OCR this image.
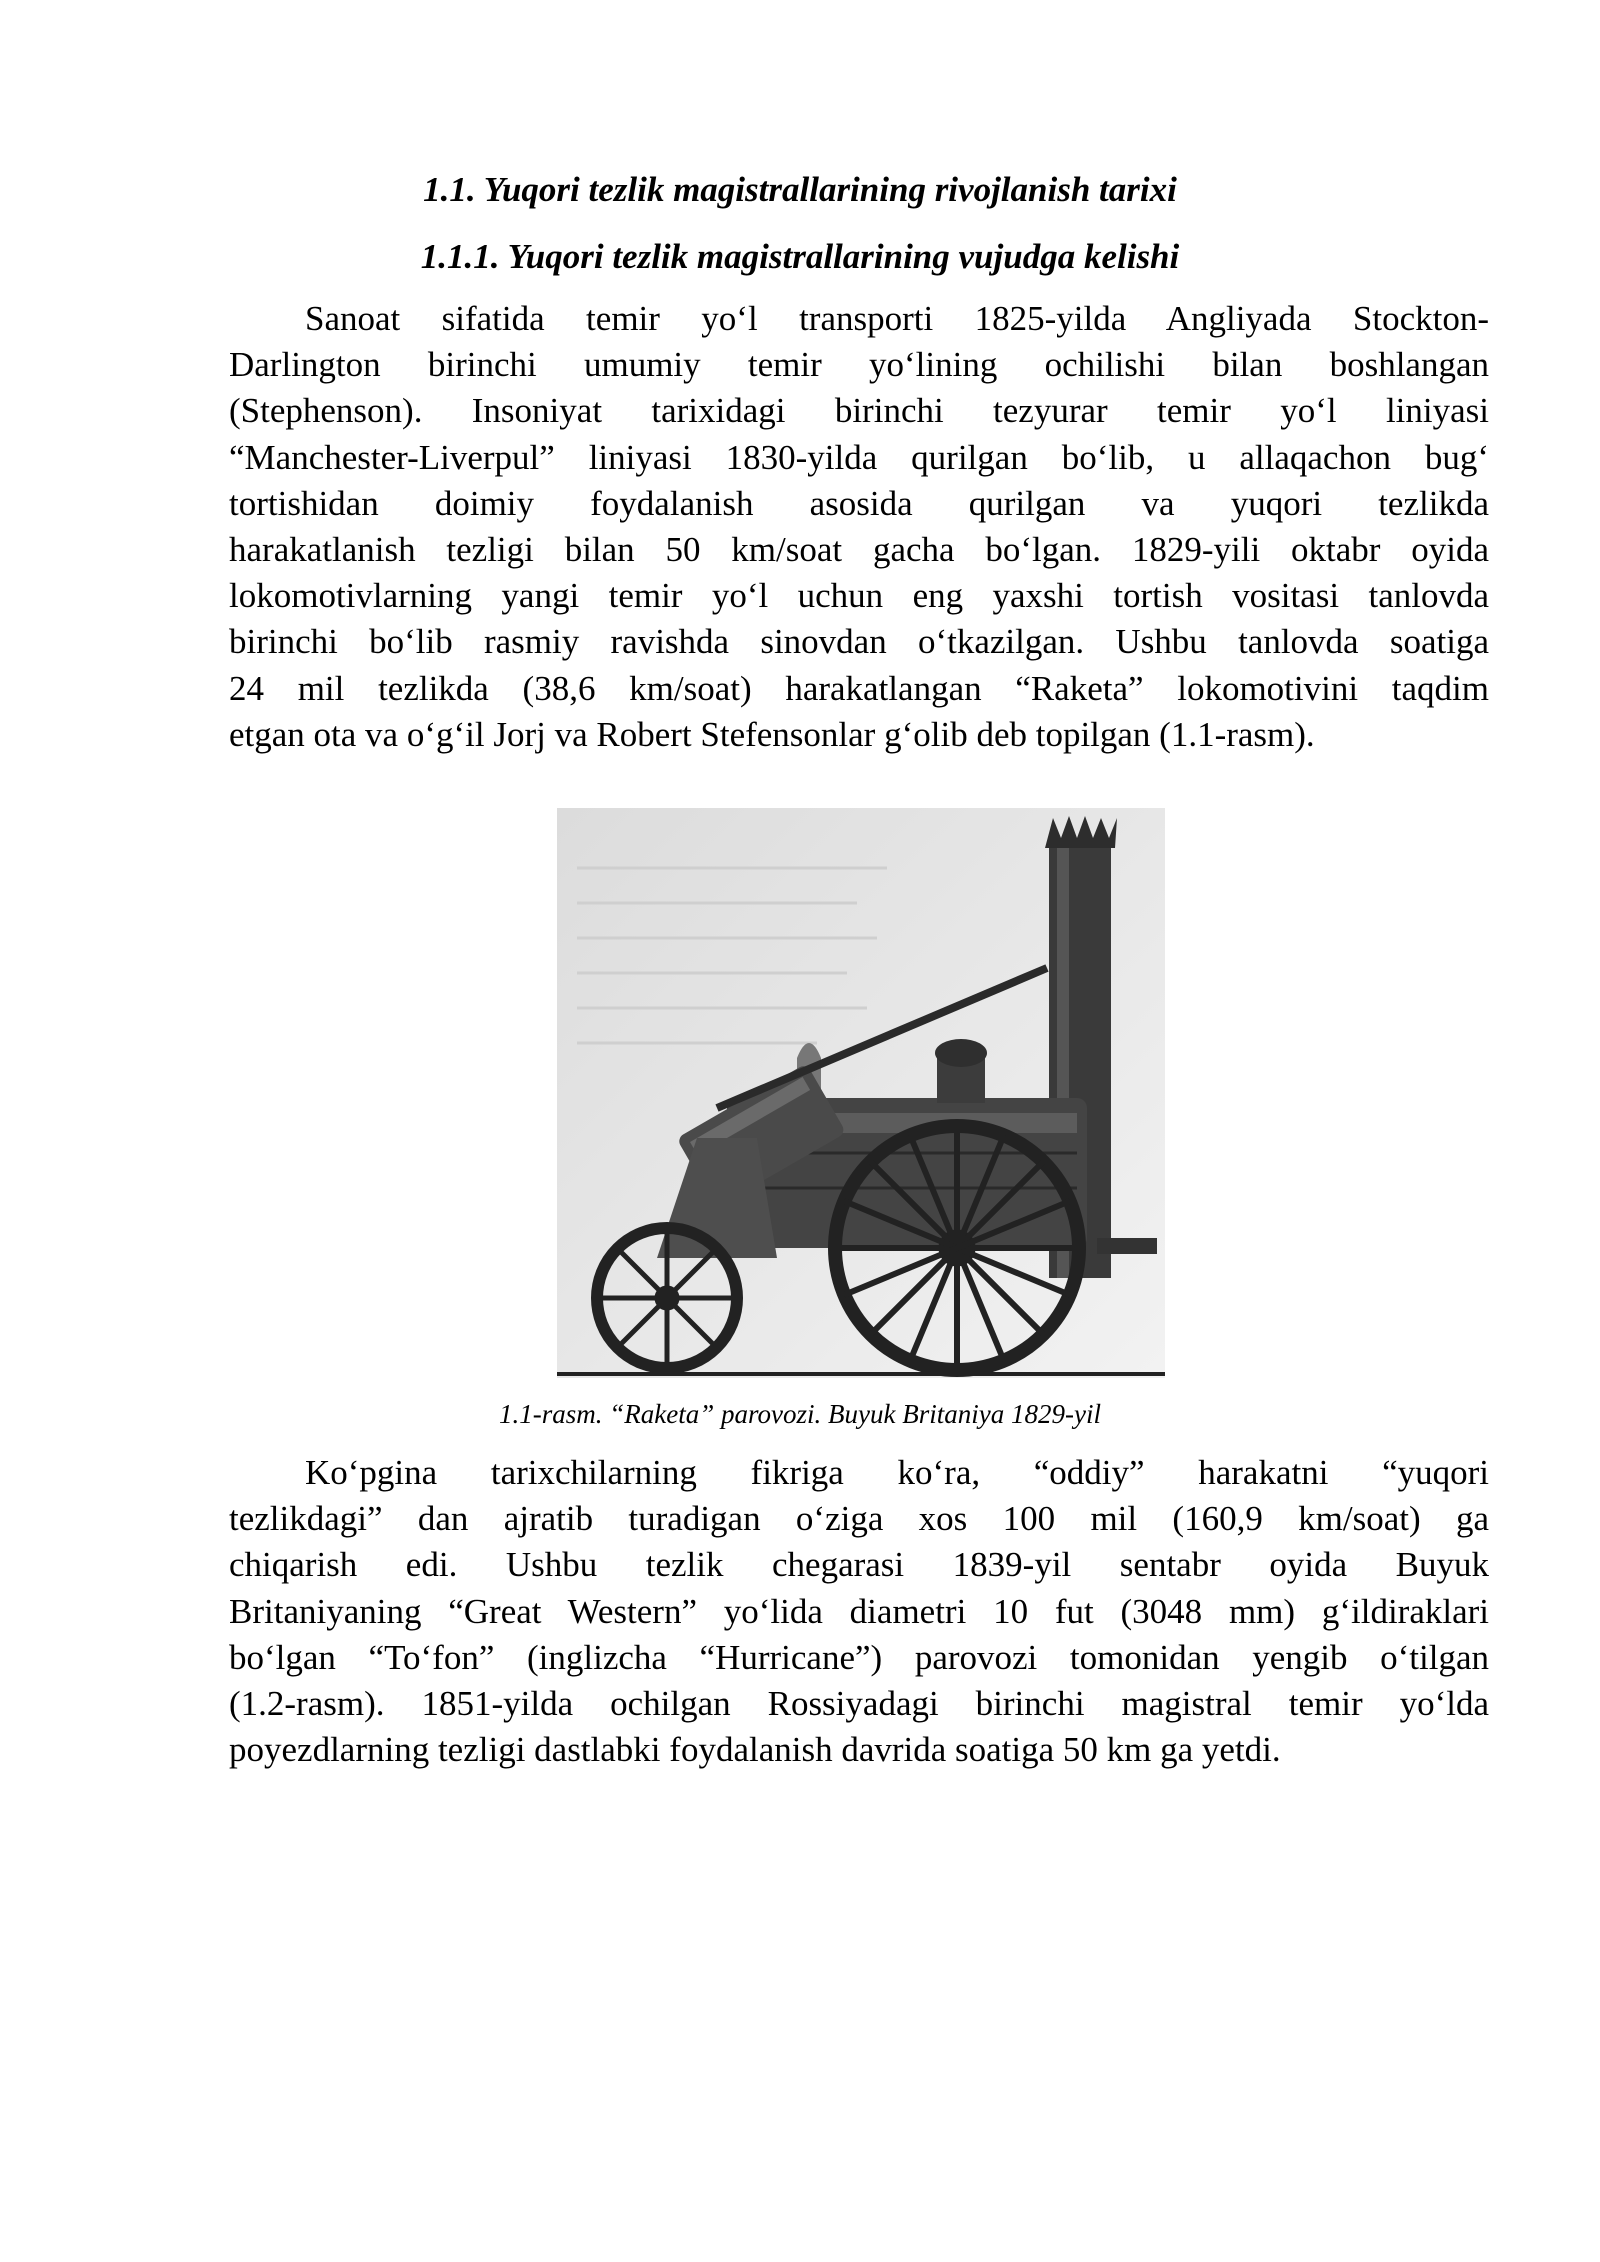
1.1. Yuqori tezlik magistrallarining rivojlanish tarixi
1.1.1. Yuqori tezlik magistrallarining vujudga kelishi

Sanoat sifatida temir yo‘l transporti 1825-yilda Angliyada Stockton-
Darlington birinchi umumiy temir yo‘lining ochilishi bilan boshlangan
(Stephenson). Insoniyat tarixidagi birinchi tezyurar temir yo‘l liniyasi
“Manchester-Liverpul” liniyasi 1830-yilda qurilgan bo‘lib, u allaqachon bug‘
tortishidan doimiy foydalanish asosida qurilgan va yuqori tezlikda
harakatlanish tezligi bilan 50 km/soat gacha bo‘lgan. 1829-yili oktabr oyida
lokomotivlarning yangi temir yo‘l uchun eng yaxshi tortish vositasi tanlovda
birinchi bo‘lib rasmiy ravishda sinovdan o‘tkazilgan. Ushbu tanlovda soatiga
24 mil tezlikda (38,6 km/soat) harakatlangan “Raketa” lokomotivini taqdim
etgan ota va o‘g‘il Jorj va Robert Stefensonlar g‘olib deb topilgan (1.1-rasm).

1.1-rasm. “Raketa” parovozi. Buyuk Britaniya 1829-yil

Ko‘pgina tarixchilarning fikriga ko‘ra, “oddiy” harakatni “yuqori
tezlikdagi” dan ajratib turadigan o‘ziga xos 100 mil (160,9 km/soat) ga
chiqarish edi. Ushbu tezlik chegarasi 1839-yil sentabr oyida Buyuk
Britaniyaning “Great Western” yo‘lida diametri 10 fut (3048 mm) g‘ildiraklari
bo‘lgan “To‘fon” (inglizcha “Hurricane”) parovozi tomonidan yengib o‘tilgan
(1.2-rasm). 1851-yilda ochilgan Rossiyadagi birinchi magistral temir yo‘lda
poyezdlarning tezligi dastlabki foydalanish davrida soatiga 50 km ga yetdi.
